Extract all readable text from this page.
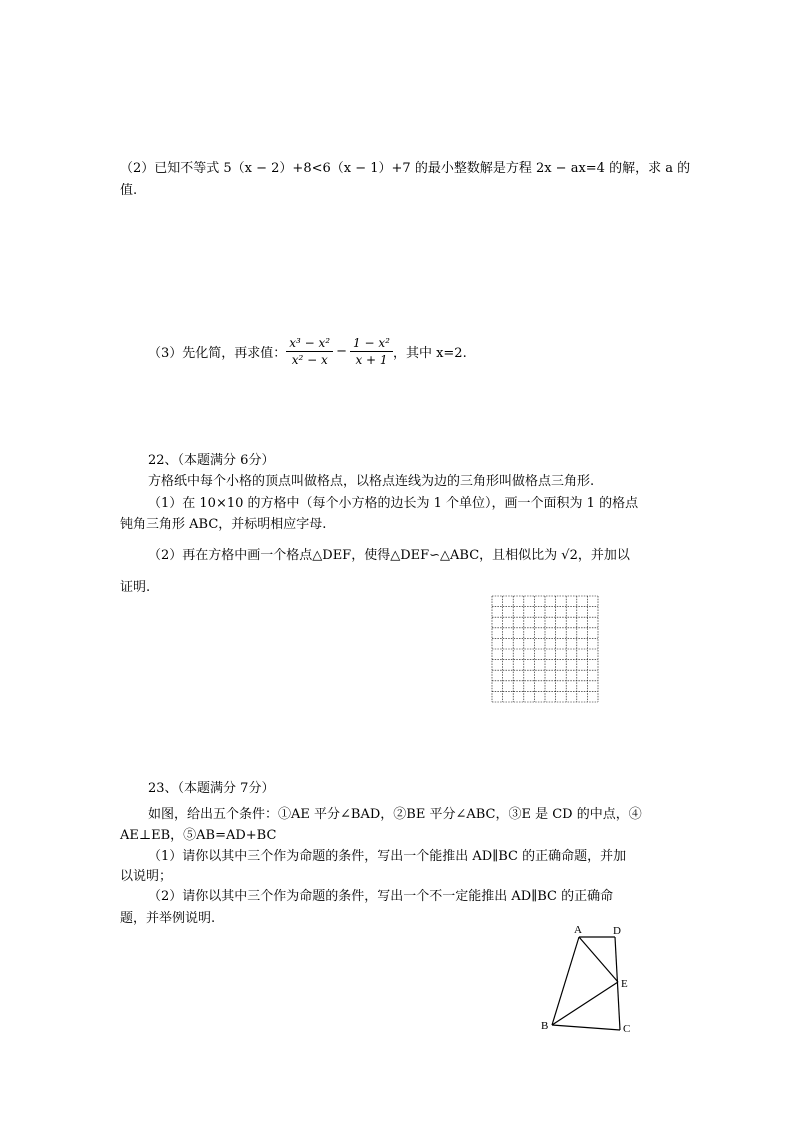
（2）已知不等式 5（x − 2）+8<6（x − 1）+7 的最小整数解是方程 2x − ax=4 的解，求 a 的
值.
（3）先化简，再求值： $\frac{\text{x³ − x²}}{\text{x² − x}} - \frac{\text{1 − x²}}{x + 1}$ ，其中 x=2.
22、（本题满分 6分）
方格纸中每个小格的顶点叫做格点，以格点连线为边的三角形叫做格点三角形.
（1）在 10×10 的方格中（每个小方格的边长为 1 个单位），画一个面积为 1 的格点
钝角三角形 ABC，并标明相应字母.
（2）再在方格中画一个格点△DEF，使得△DEF∽△ABC，且相似比为 √2，并加以
证明.
23、（本题满分 7分）
如图，给出五个条件：①AE 平分∠BAD，②BE 平分∠ABC，③E 是 CD 的中点，④
AE⊥EB，⑤AB=AD+BC
（1）请你以其中三个作为命题的条件，写出一个能推出 AD∥BC 的正确命题，并加
以说明；
（2）请你以其中三个作为命题的条件，写出一个不一定能推出 AD∥BC 的正确命
题，并举例说明.
A	D
E
B	C
